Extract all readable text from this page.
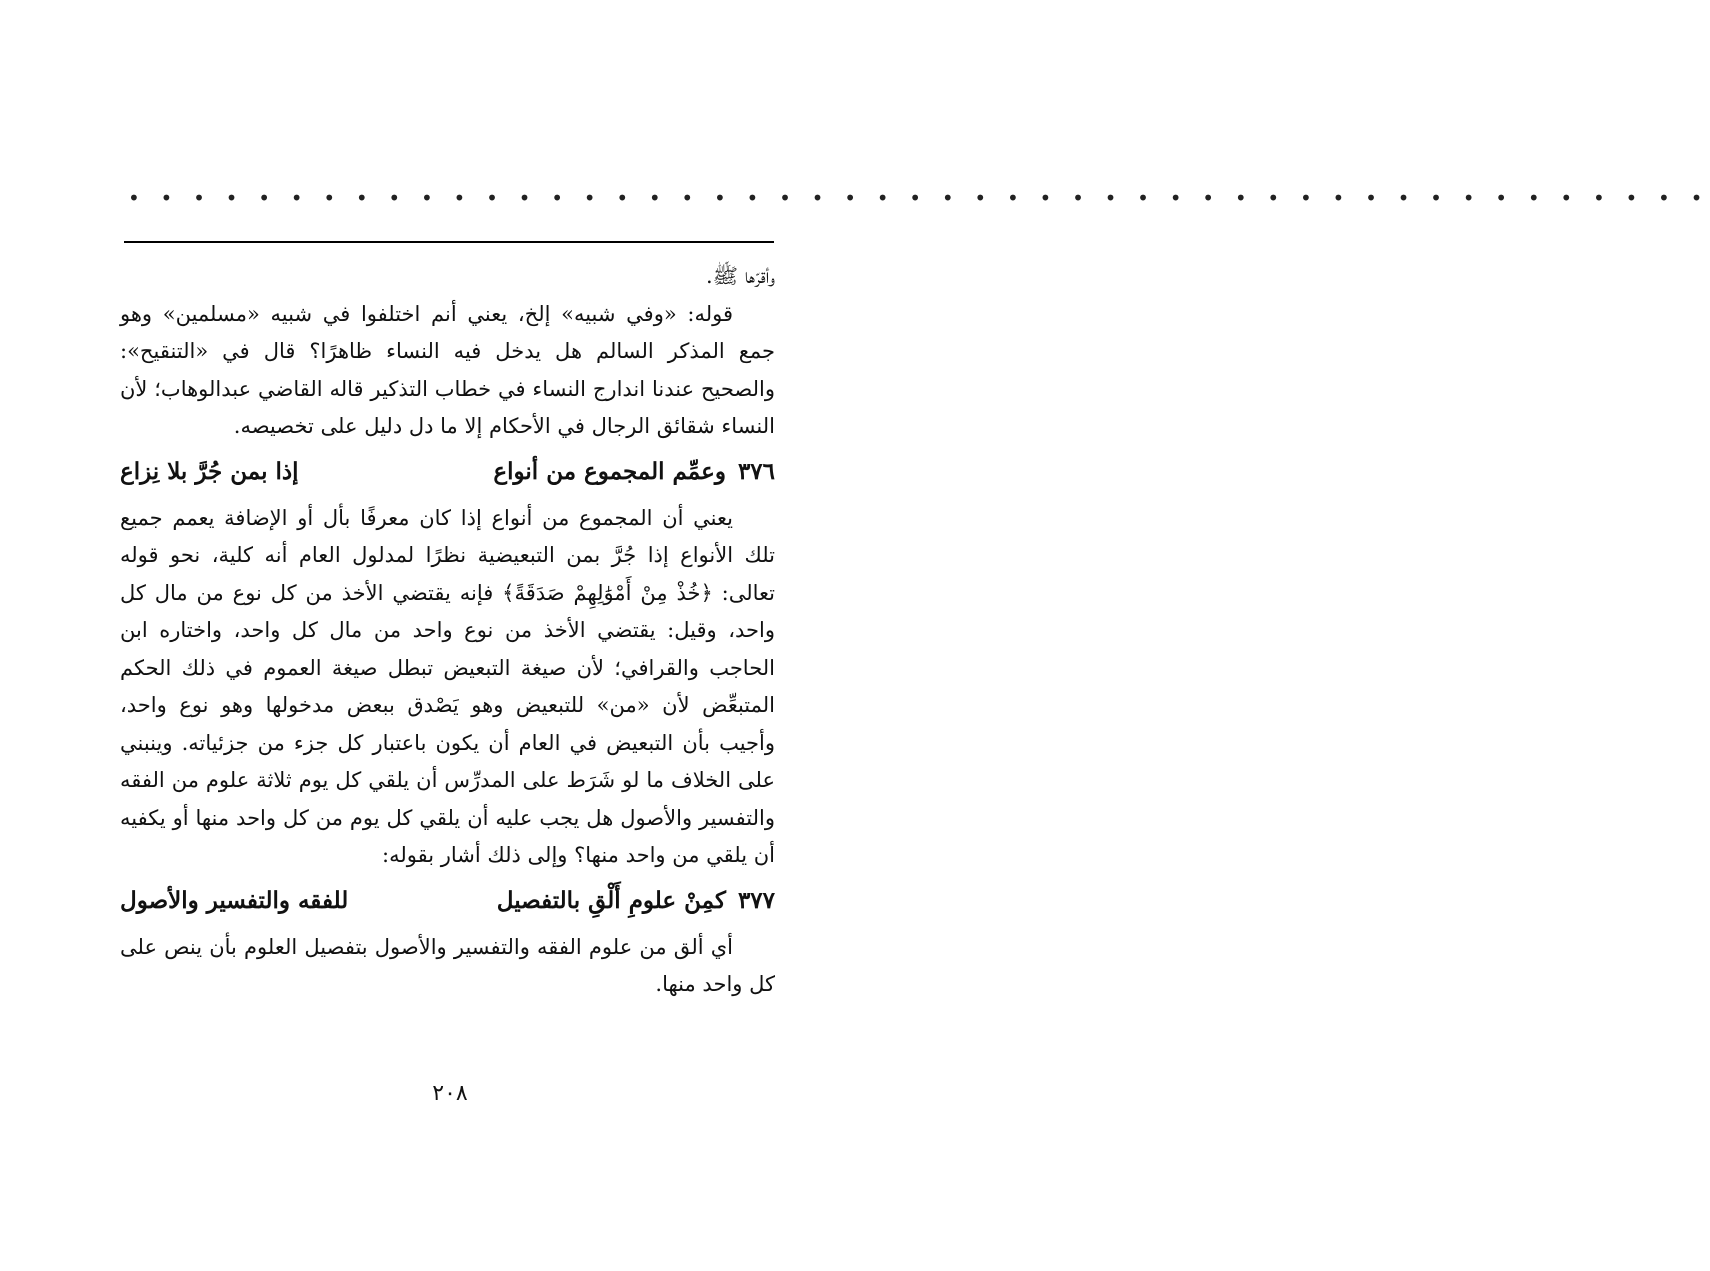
• • • • • • • • • • • • • • • • • • • • • • • • • • • • • • • • • • • • • • • • • • • • • • • • •

وأقرّها ﷺ.

قوله: «وفي شبيه» إلخ، يعني أنم اختلفوا في شبيه «مسلمين» وهو جمع المذكر السالم هل يدخل فيه النساء ظاهرًا؟ قال في «التنقيح»: والصحيح عندنا اندارج النساء في خطاب التذكير قاله القاضي عبدالوهاب؛ لأن النساء شقائق الرجال في الأحكام إلا ما دل دليل على تخصيصه.

٣٧٦ وعمِّم المجموع من أنواع
إذا بمن جُرَّ بلا نِزاع

يعني أن المجموع من أنواع إذا كان معرفًا بأل أو الإضافة يعمم جميع تلك الأنواع إذا جُرَّ بمن التبعيضية نظرًا لمدلول العام أنه كلية، نحو قوله تعالى: ﴿خُذْ مِنْ أَمْوَٰلِهِمْ صَدَقَةً﴾ فإنه يقتضي الأخذ من كل نوع من مال كل واحد، وقيل: يقتضي الأخذ من نوع واحد من مال كل واحد، واختاره ابن الحاجب والقرافي؛ لأن صيغة التبعيض تبطل صيغة العموم في ذلك الحكم المتبعِّض لأن «من» للتبعيض وهو يَصْدق ببعض مدخولها وهو نوع واحد، وأجيب بأن التبعيض في العام أن يكون باعتبار كل جزء من جزئياته. وينبني على الخلاف ما لو شَرَط على المدرِّس أن يلقي كل يوم ثلاثة علوم من الفقه والتفسير والأصول هل يجب عليه أن يلقي كل يوم من كل واحد منها أو يكفيه أن يلقي من واحد منها؟ وإلى ذلك أشار بقوله:

٣٧٧ كمِنْ علومِ أَلْقِ بالتفصيل
للفقه والتفسير والأصول

أي ألق من علوم الفقه والتفسير والأصول بتفصيل العلوم بأن ينص على كل واحد منها.

٢٠٨
